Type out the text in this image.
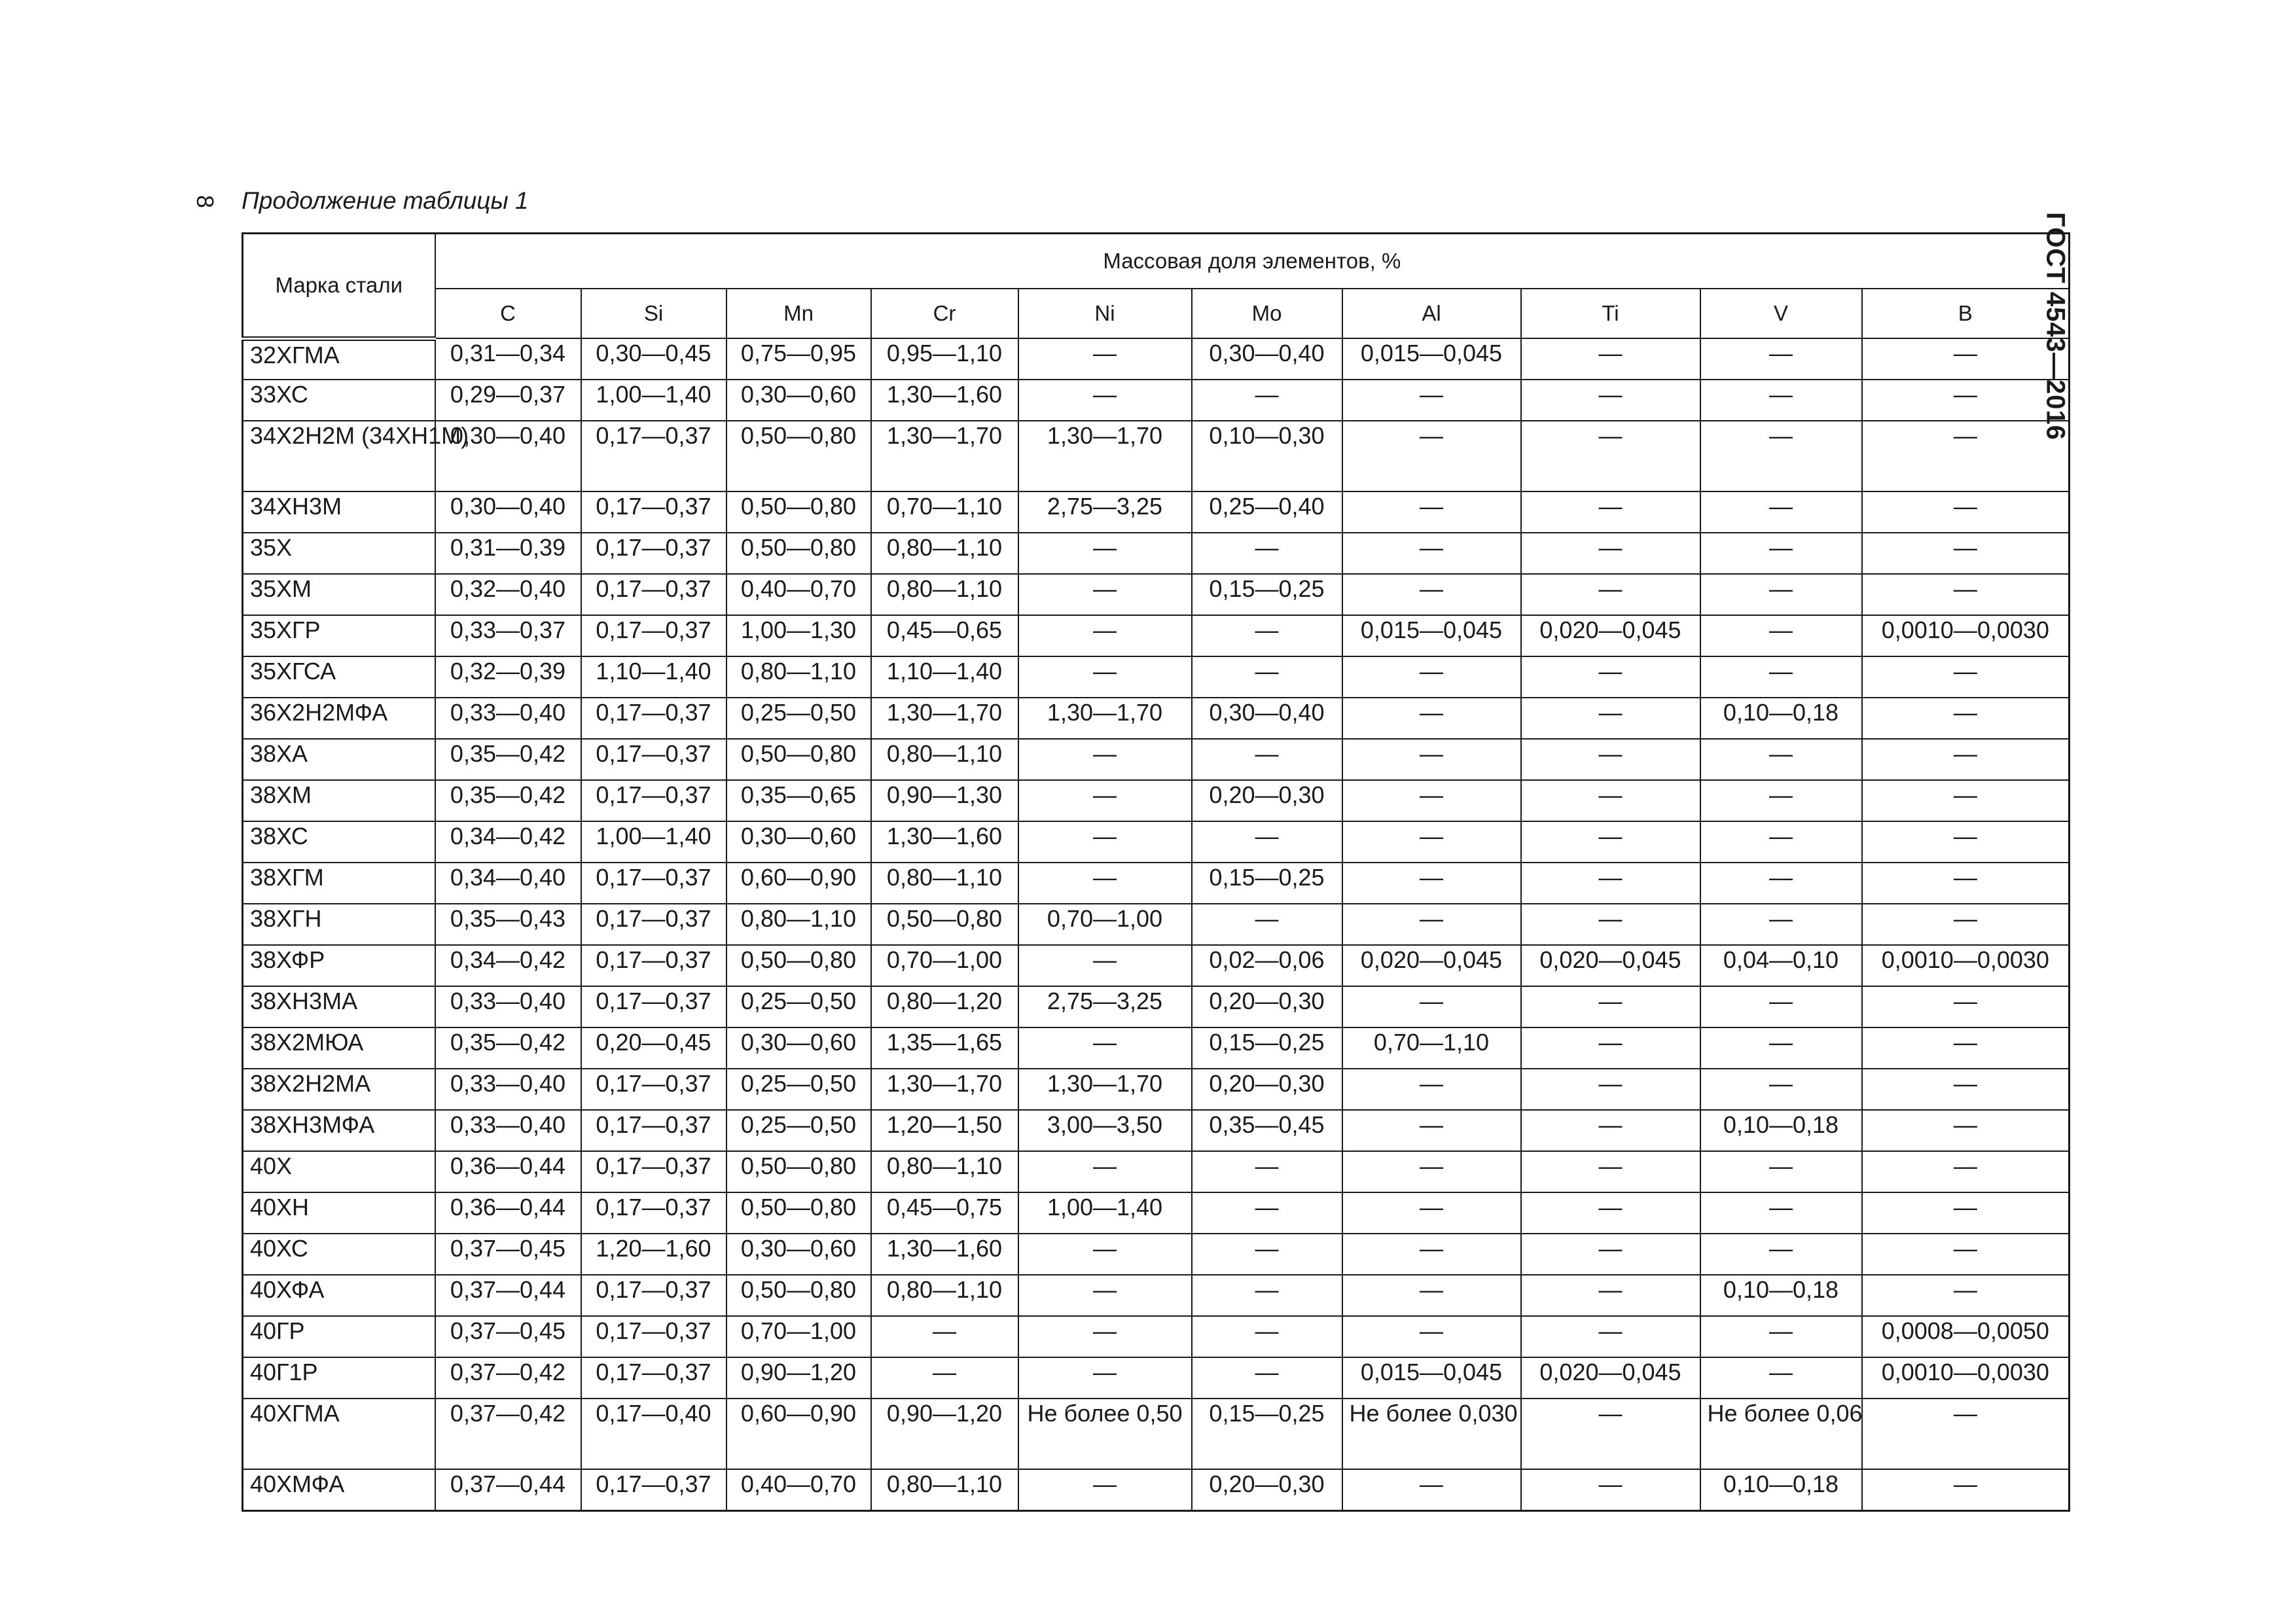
8 Продолжение таблицы 1
ГОСТ 4543—2016
Марка стали	Массовая доля элементов, %									
	C	Si	Mn	Cr	Ni	Mo	Al	Ti	V	B
32ХГМА	0,31—0,34	0,30—0,45	0,75—0,95	0,95—1,10	—	0,30—0,40	0,015—0,045	—	—	—
33ХС	0,29—0,37	1,00—1,40	0,30—0,60	1,30—1,60	—	—	—	—	—	—
34Х2Н2М (34ХН1М)	0,30—0,40	0,17—0,37	0,50—0,80	1,30—1,70	1,30—1,70	0,10—0,30	—	—	—	—
34ХН3М	0,30—0,40	0,17—0,37	0,50—0,80	0,70—1,10	2,75—3,25	0,25—0,40	—	—	—	—
35Х	0,31—0,39	0,17—0,37	0,50—0,80	0,80—1,10	—	—	—	—	—	—
35ХМ	0,32—0,40	0,17—0,37	0,40—0,70	0,80—1,10	—	0,15—0,25	—	—	—	—
35ХГР	0,33—0,37	0,17—0,37	1,00—1,30	0,45—0,65	—	—	0,015—0,045	0,020—0,045	—	0,0010—0,0030
35ХГСА	0,32—0,39	1,10—1,40	0,80—1,10	1,10—1,40	—	—	—	—	—	—
36Х2Н2МФА	0,33—0,40	0,17—0,37	0,25—0,50	1,30—1,70	1,30—1,70	0,30—0,40	—	—	0,10—0,18	—
38ХА	0,35—0,42	0,17—0,37	0,50—0,80	0,80—1,10	—	—	—	—	—	—
38ХМ	0,35—0,42	0,17—0,37	0,35—0,65	0,90—1,30	—	0,20—0,30	—	—	—	—
38ХС	0,34—0,42	1,00—1,40	0,30—0,60	1,30—1,60	—	—	—	—	—	—
38ХГМ	0,34—0,40	0,17—0,37	0,60—0,90	0,80—1,10	—	0,15—0,25	—	—	—	—
38ХГН	0,35—0,43	0,17—0,37	0,80—1,10	0,50—0,80	0,70—1,00	—	—	—	—	—
38ХФР	0,34—0,42	0,17—0,37	0,50—0,80	0,70—1,00	—	0,02—0,06	0,020—0,045	0,020—0,045	0,04—0,10	0,0010—0,0030
38ХН3МА	0,33—0,40	0,17—0,37	0,25—0,50	0,80—1,20	2,75—3,25	0,20—0,30	—	—	—	—
38Х2МЮА	0,35—0,42	0,20—0,45	0,30—0,60	1,35—1,65	—	0,15—0,25	0,70—1,10	—	—	—
38Х2Н2МА	0,33—0,40	0,17—0,37	0,25—0,50	1,30—1,70	1,30—1,70	0,20—0,30	—	—	—	—
38ХН3МФА	0,33—0,40	0,17—0,37	0,25—0,50	1,20—1,50	3,00—3,50	0,35—0,45	—	—	0,10—0,18	—
40Х	0,36—0,44	0,17—0,37	0,50—0,80	0,80—1,10	—	—	—	—	—	—
40ХН	0,36—0,44	0,17—0,37	0,50—0,80	0,45—0,75	1,00—1,40	—	—	—	—	—
40ХС	0,37—0,45	1,20—1,60	0,30—0,60	1,30—1,60	—	—	—	—	—	—
40ХФА	0,37—0,44	0,17—0,37	0,50—0,80	0,80—1,10	—	—	—	—	0,10—0,18	—
40ГР	0,37—0,45	0,17—0,37	0,70—1,00	—	—	—	—	—	—	0,0008—0,0050
40Г1Р	0,37—0,42	0,17—0,37	0,90—1,20	—	—	—	0,015—0,045	0,020—0,045	—	0,0010—0,0030
40ХГМА	0,37—0,42	0,17—0,40	0,60—0,90	0,90—1,20	Не более 0,50	0,15—0,25	Не более 0,030	—	Не более 0,06	—
40ХМФА	0,37—0,44	0,17—0,37	0,40—0,70	0,80—1,10	—	0,20—0,30	—	—	0,10—0,18	—
